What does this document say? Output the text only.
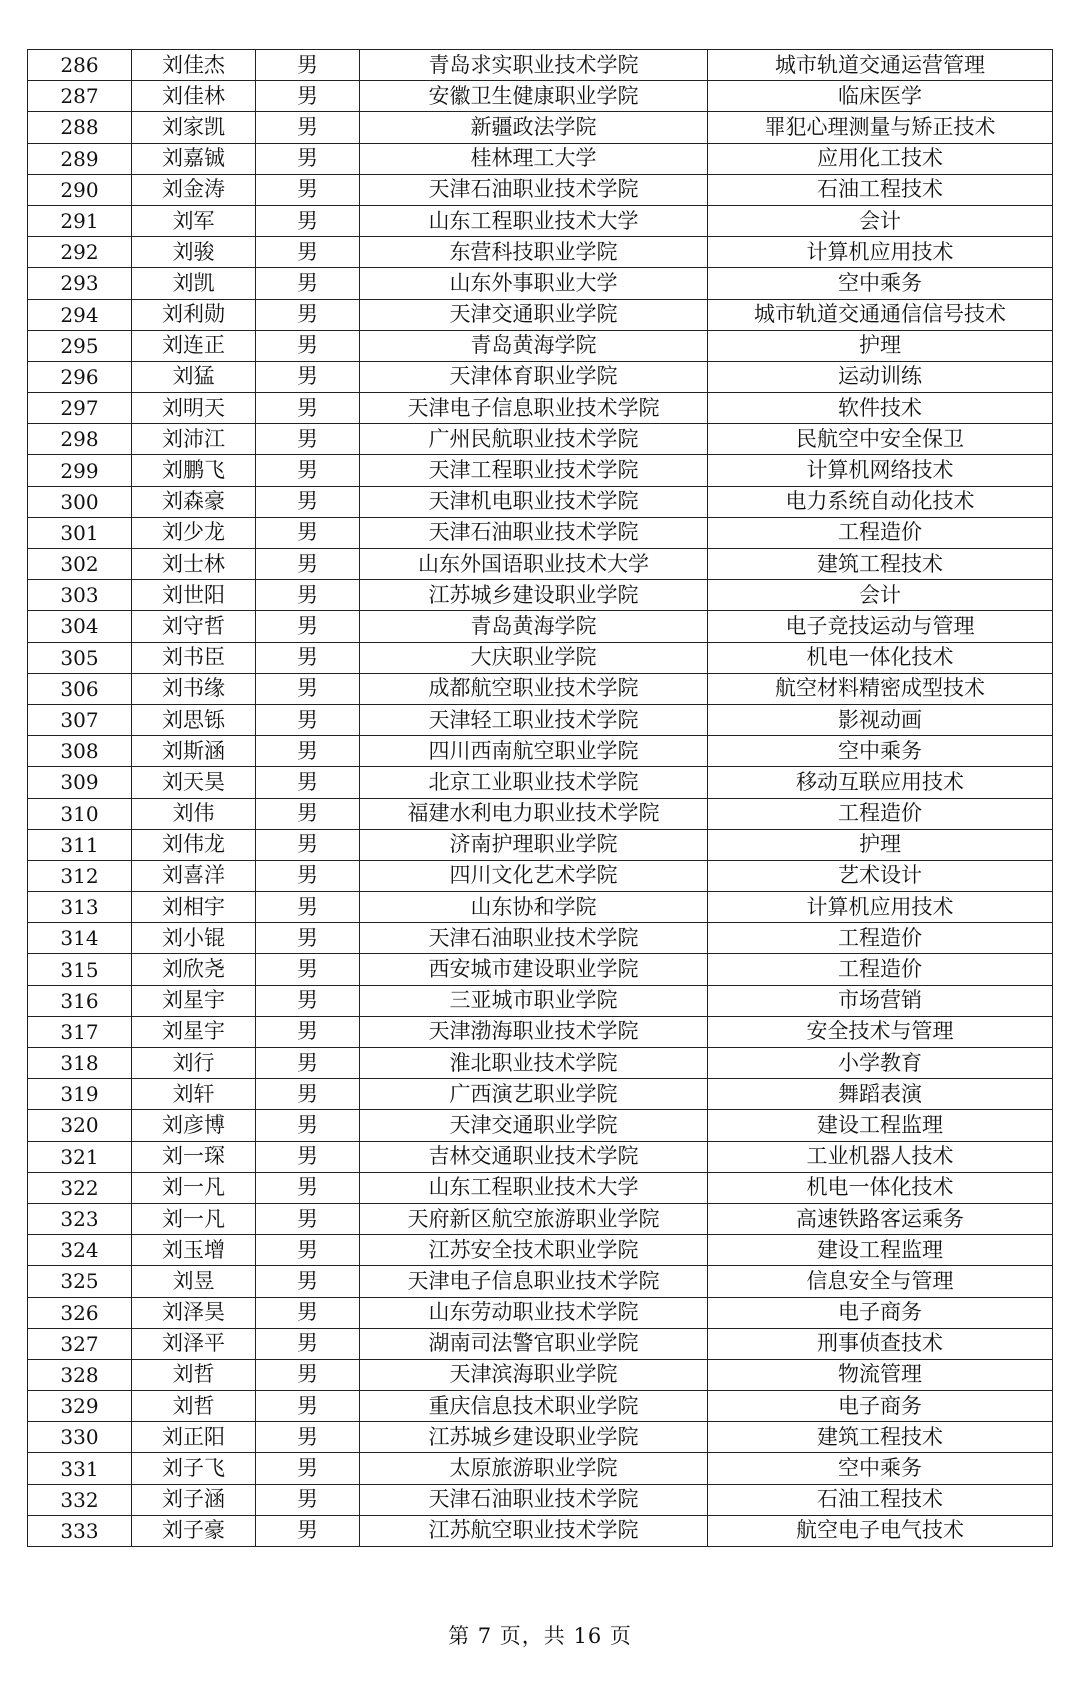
286	刘佳杰	男	青岛求实职业技术学院	城市轨道交通运营管理
287	刘佳林	男	安徽卫生健康职业学院	临床医学
288	刘家凯	男	新疆政法学院	罪犯心理测量与矫正技术
289	刘嘉铖	男	桂林理工大学	应用化工技术
290	刘金涛	男	天津石油职业技术学院	石油工程技术
291	刘军	男	山东工程职业技术大学	会计
292	刘骏	男	东营科技职业学院	计算机应用技术
293	刘凯	男	山东外事职业大学	空中乘务
294	刘利勋	男	天津交通职业学院	城市轨道交通通信信号技术
295	刘连正	男	青岛黄海学院	护理
296	刘猛	男	天津体育职业学院	运动训练
297	刘明天	男	天津电子信息职业技术学院	软件技术
298	刘沛江	男	广州民航职业技术学院	民航空中安全保卫
299	刘鹏飞	男	天津工程职业技术学院	计算机网络技术
300	刘森豪	男	天津机电职业技术学院	电力系统自动化技术
301	刘少龙	男	天津石油职业技术学院	工程造价
302	刘士林	男	山东外国语职业技术大学	建筑工程技术
303	刘世阳	男	江苏城乡建设职业学院	会计
304	刘守哲	男	青岛黄海学院	电子竞技运动与管理
305	刘书臣	男	大庆职业学院	机电一体化技术
306	刘书缘	男	成都航空职业技术学院	航空材料精密成型技术
307	刘思铄	男	天津轻工职业技术学院	影视动画
308	刘斯涵	男	四川西南航空职业学院	空中乘务
309	刘天昊	男	北京工业职业技术学院	移动互联应用技术
310	刘伟	男	福建水利电力职业技术学院	工程造价
311	刘伟龙	男	济南护理职业学院	护理
312	刘喜洋	男	四川文化艺术学院	艺术设计
313	刘相宇	男	山东协和学院	计算机应用技术
314	刘小锟	男	天津石油职业技术学院	工程造价
315	刘欣尧	男	西安城市建设职业学院	工程造价
316	刘星宇	男	三亚城市职业学院	市场营销
317	刘星宇	男	天津渤海职业技术学院	安全技术与管理
318	刘行	男	淮北职业技术学院	小学教育
319	刘轩	男	广西演艺职业学院	舞蹈表演
320	刘彦博	男	天津交通职业学院	建设工程监理
321	刘一琛	男	吉林交通职业技术学院	工业机器人技术
322	刘一凡	男	山东工程职业技术大学	机电一体化技术
323	刘一凡	男	天府新区航空旅游职业学院	高速铁路客运乘务
324	刘玉增	男	江苏安全技术职业学院	建设工程监理
325	刘昱	男	天津电子信息职业技术学院	信息安全与管理
326	刘泽昊	男	山东劳动职业技术学院	电子商务
327	刘泽平	男	湖南司法警官职业学院	刑事侦查技术
328	刘哲	男	天津滨海职业学院	物流管理
329	刘哲	男	重庆信息技术职业学院	电子商务
330	刘正阳	男	江苏城乡建设职业学院	建筑工程技术
331	刘子飞	男	太原旅游职业学院	空中乘务
332	刘子涵	男	天津石油职业技术学院	石油工程技术
333	刘子豪	男	江苏航空职业技术学院	航空电子电气技术
第 7 页，共 16 页
